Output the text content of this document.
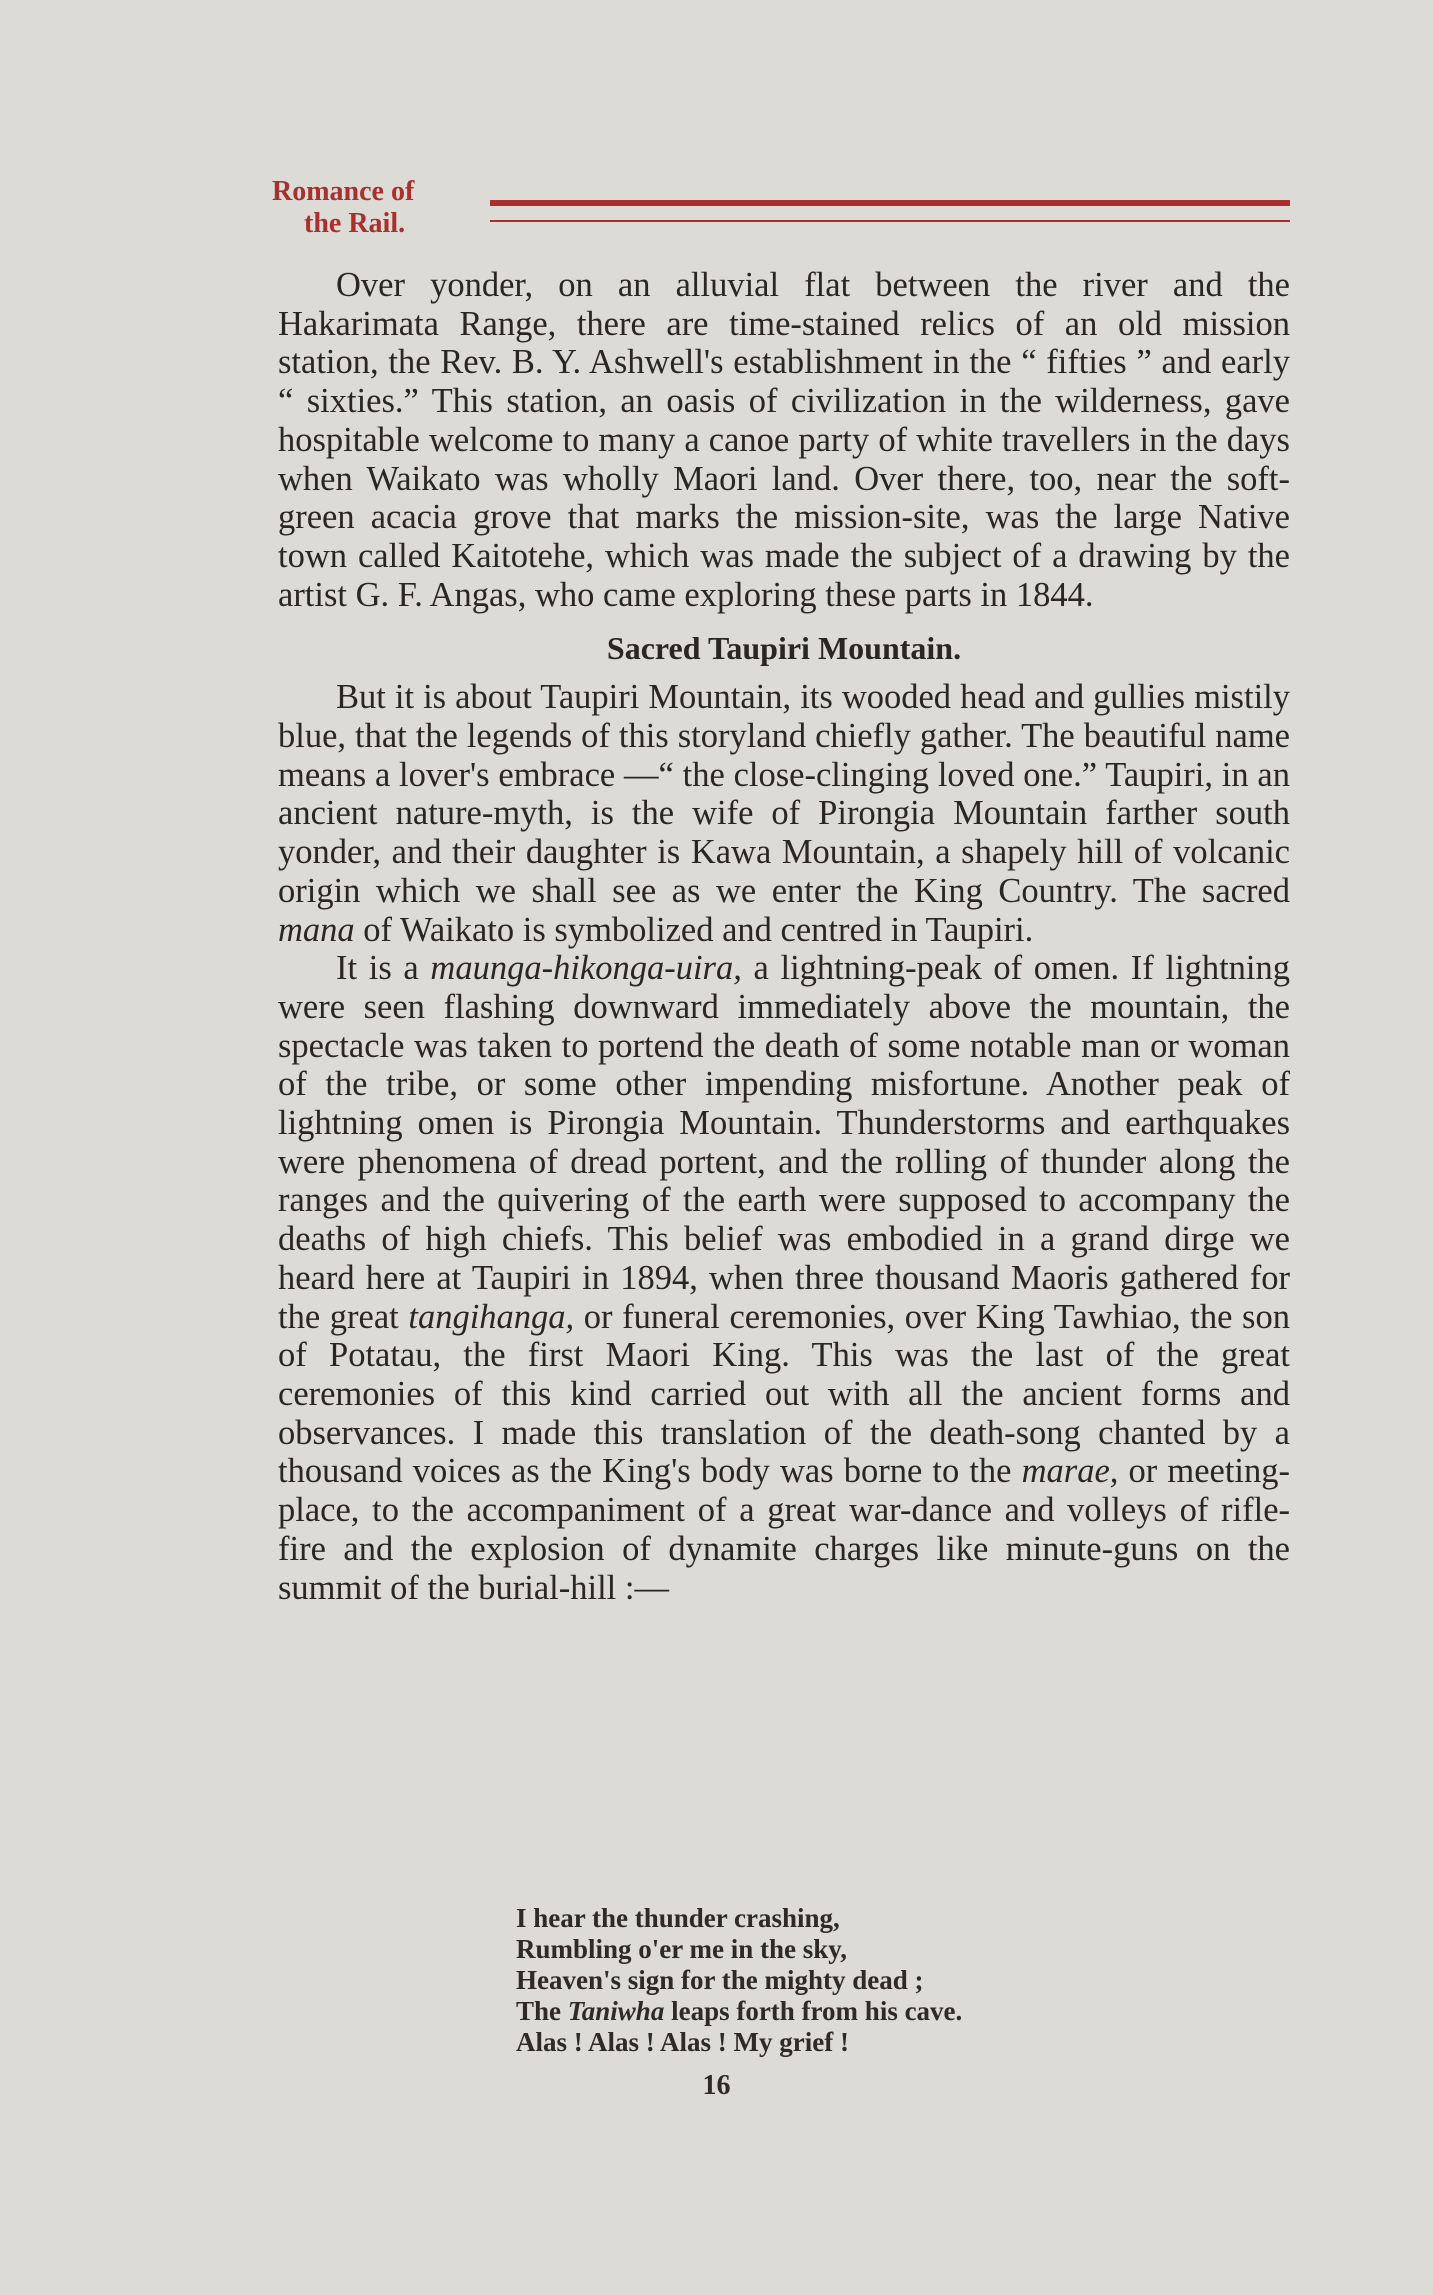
Romance of
the Rail.

Over yonder, on an alluvial flat between the river and the Hakarimata Range, there are time-stained relics of an old mission station, the Rev. B. Y. Ashwell's establishment in the “ fifties ” and early “ sixties.” This station, an oasis of civilization in the wilderness, gave hospitable welcome to many a canoe party of white travellers in the days when Waikato was wholly Maori land. Over there, too, near the soft-green acacia grove that marks the mission-site, was the large Native town called Kaitotehe, which was made the subject of a drawing by the artist G. F. Angas, who came exploring these parts in 1844.

Sacred Taupiri Mountain.

But it is about Taupiri Mountain, its wooded head and gullies mistily blue, that the legends of this storyland chiefly gather. The beautiful name means a lover's embrace —“ the close-clinging loved one.” Taupiri, in an ancient nature-myth, is the wife of Pirongia Mountain farther south yonder, and their daughter is Kawa Mountain, a shapely hill of volcanic origin which we shall see as we enter the King Country. The sacred mana of Waikato is symbolized and centred in Taupiri.

It is a maunga-hikonga-uira, a lightning-peak of omen. If lightning were seen flashing downward immediately above the mountain, the spectacle was taken to portend the death of some notable man or woman of the tribe, or some other impending misfortune. Another peak of lightning omen is Pirongia Mountain. Thunderstorms and earthquakes were phenomena of dread portent, and the rolling of thunder along the ranges and the quivering of the earth were supposed to accompany the deaths of high chiefs. This belief was embodied in a grand dirge we heard here at Taupiri in 1894, when three thousand Maoris gathered for the great tangihanga, or funeral ceremonies, over King Tawhiao, the son of Potatau, the first Maori King. This was the last of the great ceremonies of this kind carried out with all the ancient forms and observances. I made this translation of the death-song chanted by a thousand voices as the King's body was borne to the marae, or meeting-place, to the accompaniment of a great war-dance and volleys of rifle-fire and the explosion of dynamite charges like minute-guns on the summit of the burial-hill :—

I hear the thunder crashing,
Rumbling o'er me in the sky,
Heaven's sign for the mighty dead ;
The Taniwha leaps forth from his cave.
Alas ! Alas ! Alas ! My grief !
16
